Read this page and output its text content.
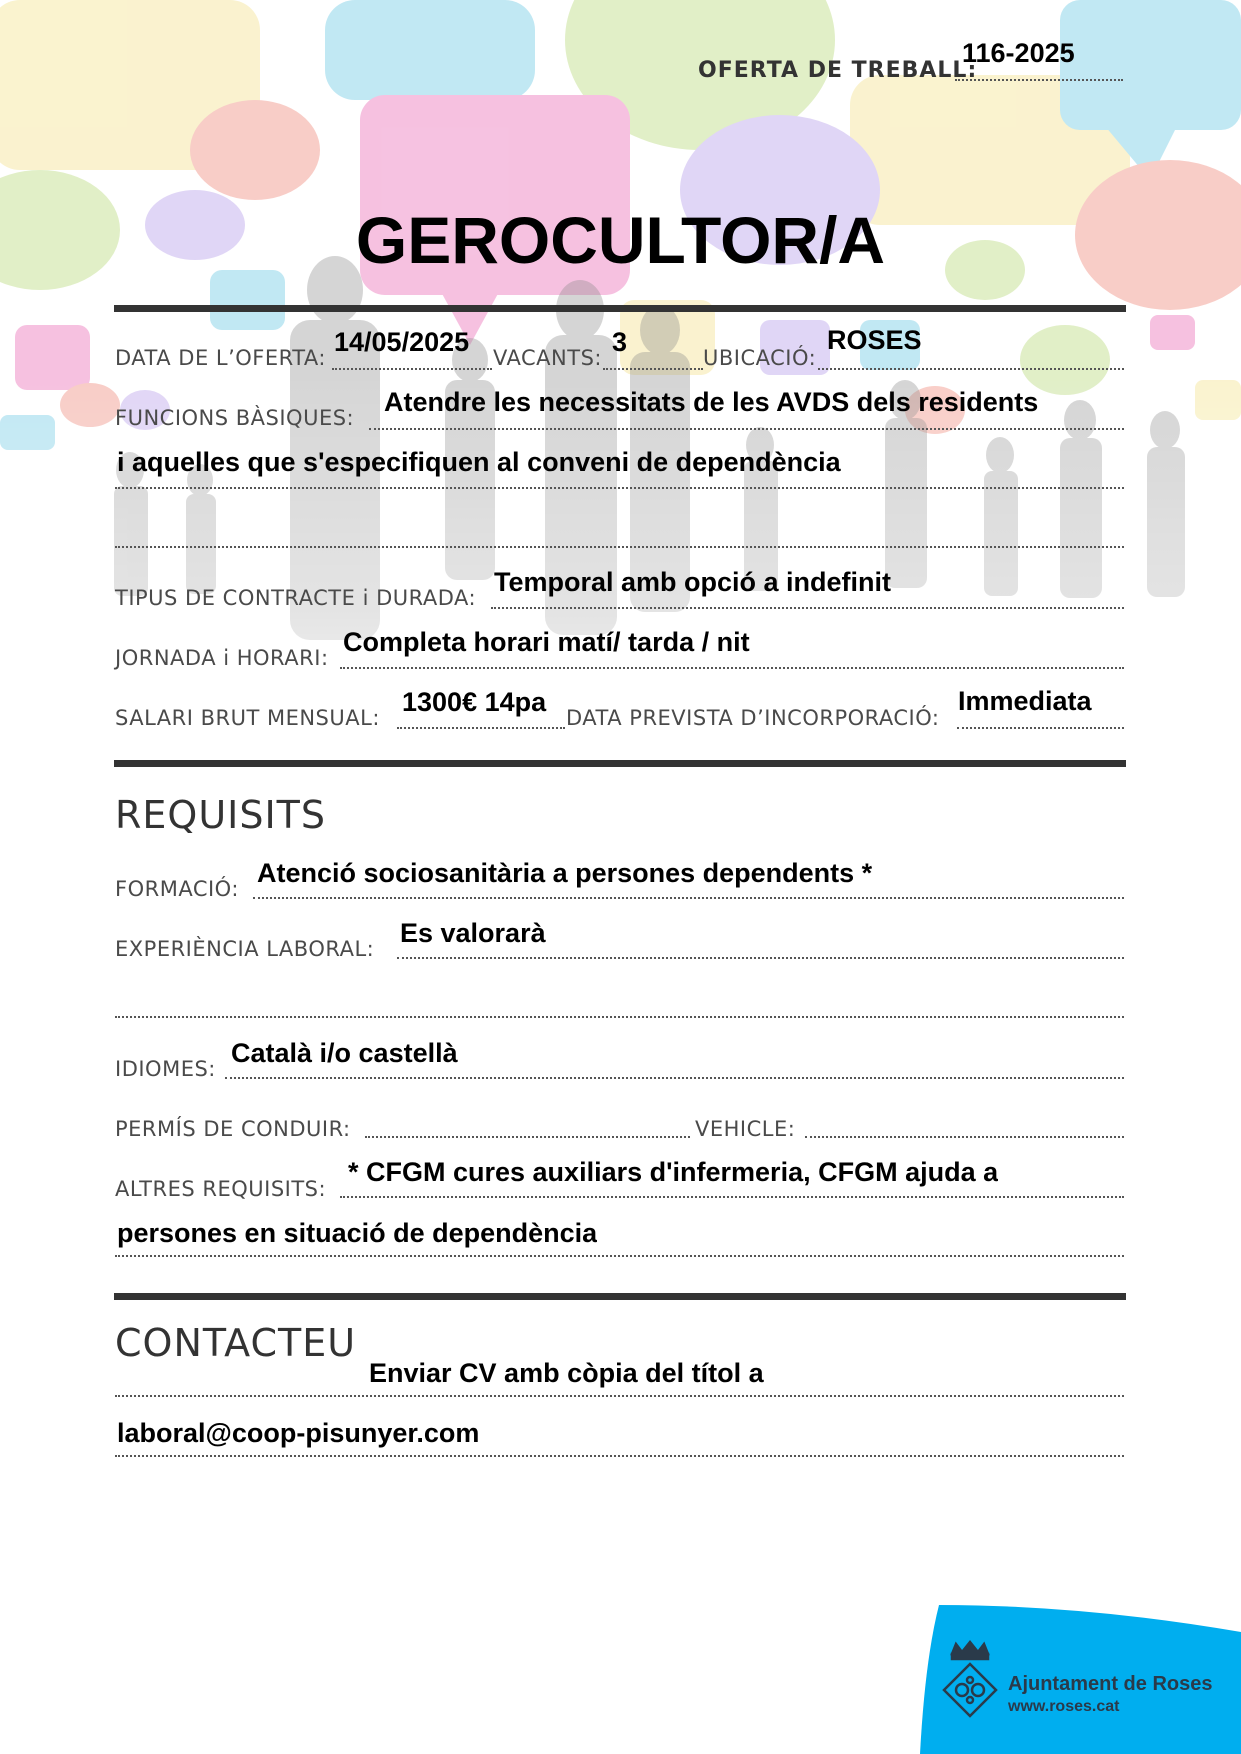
OFERTA DE TREBALL:
116-2025
GEROCULTOR/A
DATA DE L’OFERTA:
14/05/2025
VACANTS:
3
UBICACIÓ:
ROSES
FUNCIONS BÀSIQUES:
Atendre les necessitats de les AVDS dels residents
i aquelles que s'especifiquen al conveni de dependència
TIPUS DE CONTRACTE i DURADA:
Temporal amb opció a indefinit
JORNADA i HORARI:
Completa horari matí/ tarda / nit
SALARI BRUT MENSUAL:
1300€ 14pa
DATA PREVISTA D’INCORPORACIÓ:
Immediata
REQUISITS
FORMACIÓ:
Atenció sociosanitària a persones dependents *
EXPERIÈNCIA LABORAL:
Es valorarà
IDIOMES:
Català i/o castellà
PERMÍS DE CONDUIR:	VEHICLE:
ALTRES REQUISITS:
* CFGM cures auxiliars d'infermeria, CFGM ajuda a
persones en situació de dependència
CONTACTEU
Enviar CV amb còpia del títol a
laboral@coop-pisunyer.com
Ajuntament de Roses
www.roses.cat
